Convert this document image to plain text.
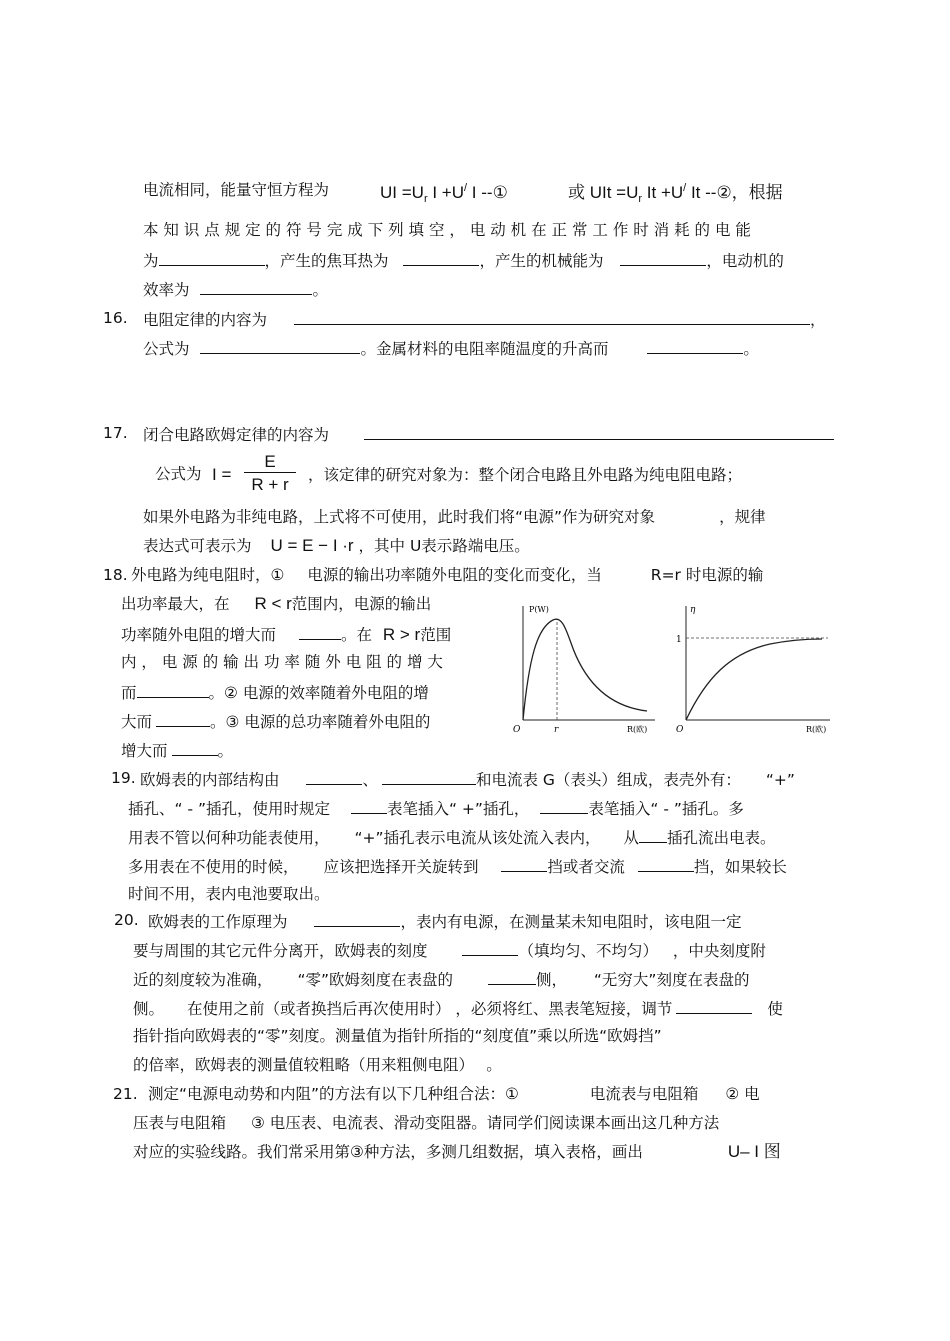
电流相同，能量守恒方程为	UI $=U_r$ I +U/ I --①	或 UIt $=U_r$ It +U/ It --②，根据
本 知 识 点 规 定 的 符 号 完 成 下 列 填 空 ， 电 动 机 在 正 常 工 作 时 消 耗 的 电 能
为	，产生的焦耳热为	，产生的机械能为	，电动机的
效率为	。
16. 电阻定律的内容为	，
公式为	。金属材料的电阻率随温度的升高而	。
17. 闭合电路欧姆定律的内容为
公式为 I =
E
R + r	，该定律的研究对象为：整个闭合电路且外电路为纯电阻电路；
如果外电路为非纯电路，上式将不可使用，此时我们将“电源”作为研究对象	，规律
表达式可表示为 U = E − I ·r ，其中 U表示路端电压。
18. 外电路为纯电阻时，① 电源的输出功率随外电阻的变化而变化，当	R=r 时电源的输
出功率最大，在 R < r范围内，电源的输出
功率随外电阻的增大而	。在 R > r范围
内 ， 电 源 的 输 出 功 率 随 外 电 阻 的 增 大
而	。② 电源的效率随着外电阻的增
大而	。③ 电源的总功率随着外电阻的
增大而	。
P(W)
R(欧)
O	r
η
1
R(欧)
O
19. 欧姆表的内部结构由	、	和电流表 G（表头）组成，表壳外有： “+”
插孔、“ - ”插孔，使用时规定	表笔插入“ +”插孔，	表笔插入“ - ”插孔。多
用表不管以何种功能表使用， “+”插孔表示电流从该处流入表内， 从 插孔流出电表。
多用表在不使用的时候， 应该把选择开关旋转到	挡或者交流	挡，如果较长
时间不用，表内电池要取出。
20. 欧姆表的工作原理为	，表内有电源，在测量某未知电阻时，该电阻一定
要与周围的其它元件分离开，欧姆表的刻度	（填均匀、不均匀） ，中央刻度附
近的刻度较为准确， “零”欧姆刻度在表盘的	侧， “无穷大”刻度在表盘的
侧。 在使用之前（或者换挡后再次使用时） ，必须将红、黑表笔短接，调节	使
指针指向欧姆表的“零”刻度。测量值为指针所指的“刻度值”乘以所选“欧姆挡”
的倍率，欧姆表的测量值较粗略（用来粗侧电阻） 。
21. 测定“电源电动势和内阻”的方法有以下几种组合法：①	电流表与电阻箱 ② 电
压表与电阻箱 ③ 电压表、电流表、滑动变阻器。请同学们阅读课本画出这几种方法
对应的实验线路。我们常采用第③种方法，多测几组数据，填入表格，画出	U– I 图
